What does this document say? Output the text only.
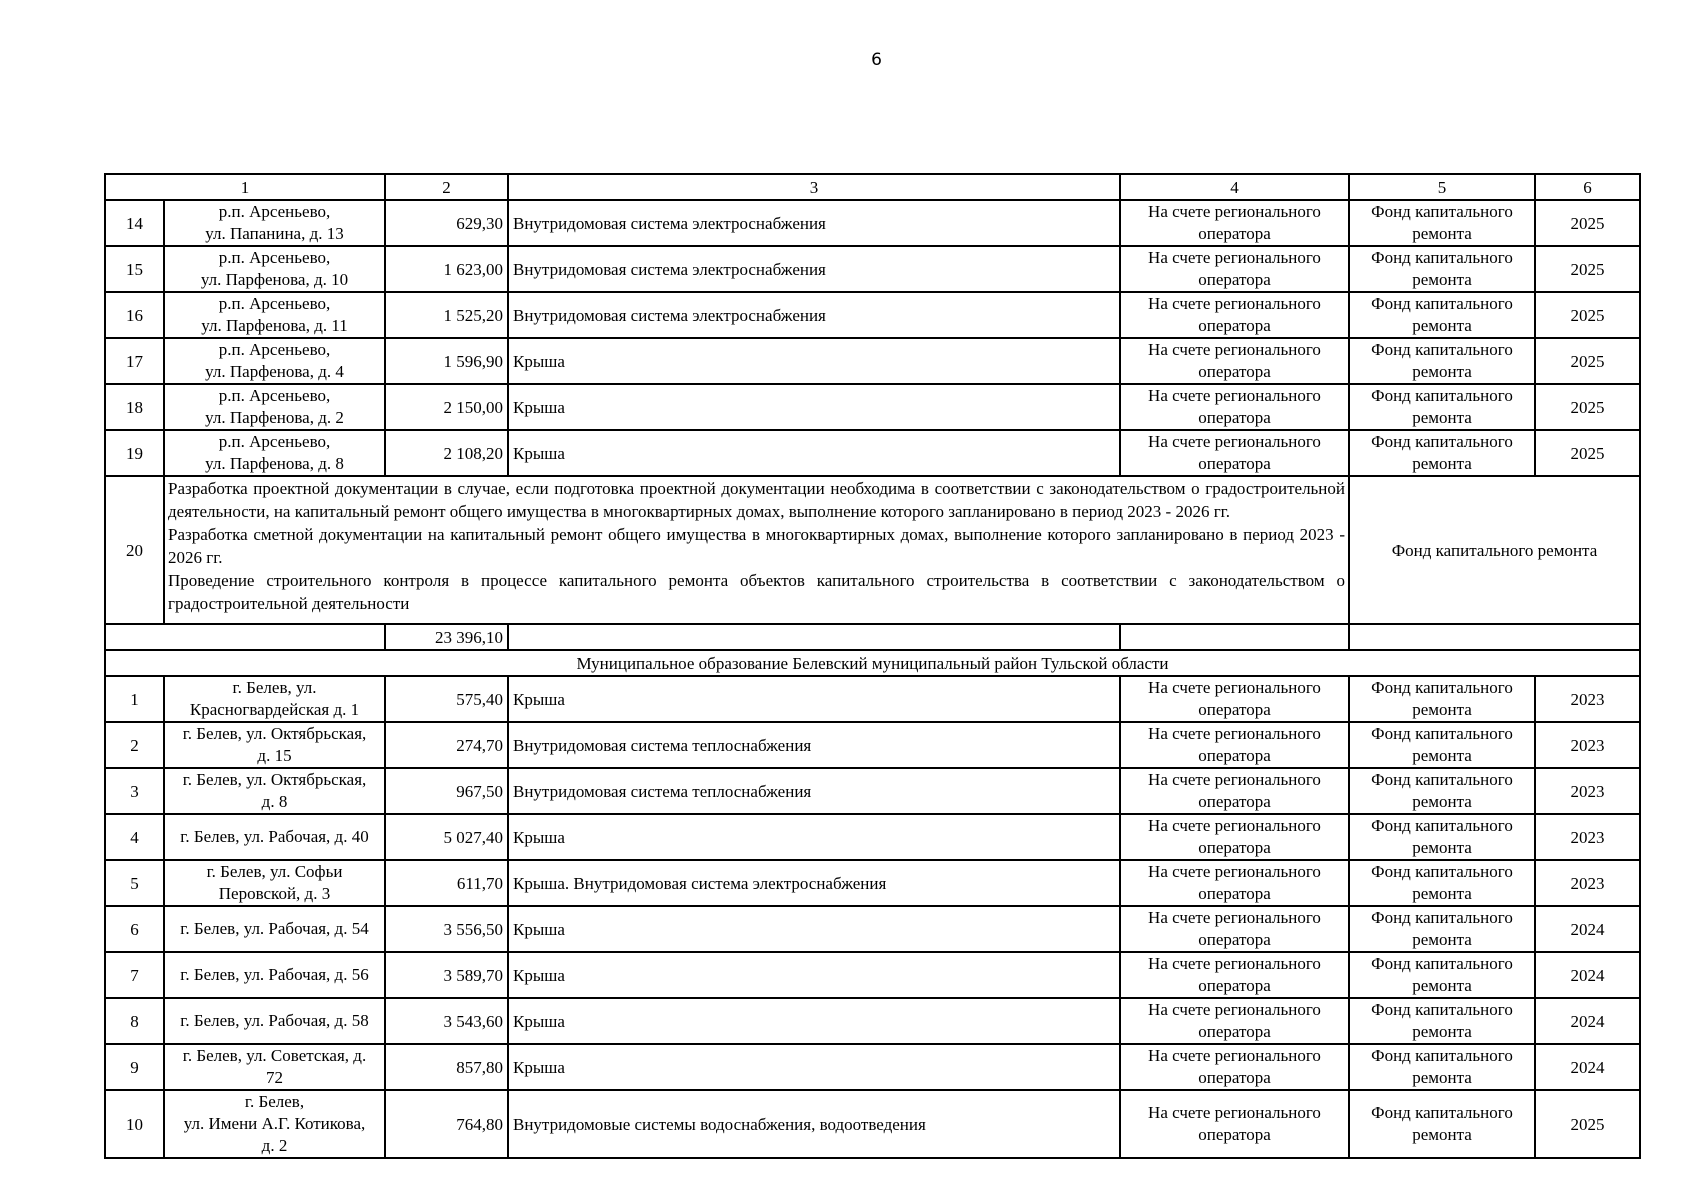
6
1		2	3	4	5	6
14	р.п. Арсеньево,
ул. Папанина, д. 13	629,30	Внутридомовая система электроснабжения	На счете регионального
оператора	Фонд капитального
ремонта	2025
15	р.п. Арсеньево,
ул. Парфенова, д. 10	1 623,00	Внутридомовая система электроснабжения	На счете регионального
оператора	Фонд капитального
ремонта	2025
16	р.п. Арсеньево,
ул. Парфенова, д. 11	1 525,20	Внутридомовая система электроснабжения	На счете регионального
оператора	Фонд капитального
ремонта	2025
17	р.п. Арсеньево,
ул. Парфенова, д. 4	1 596,90	Крыша	На счете регионального
оператора	Фонд капитального
ремонта	2025
18	р.п. Арсеньево,
ул. Парфенова, д. 2	2 150,00	Крыша	На счете регионального
оператора	Фонд капитального
ремонта	2025
19	р.п. Арсеньево,
ул. Парфенова, д. 8	2 108,20	Крыша	На счете регионального
оператора	Фонд капитального
ремонта	2025
20	Разработка проектной документации в случае, если подготовка проектной документации необходима в соответствии с законодательством о градостроительной деятельности, на капитальный ремонт общего имущества в многоквартирных домах, выполнение которого запланировано в период 2023 - 2026 гг.

Разработка сметной документации на капитальный ремонт общего имущества в многоквартирных домах, выполнение которого запланировано в период 2023 - 2026 гг.

Проведение строительного контроля в процессе капитального ремонта объектов капитального строительства в соответствии с законодательством о градостроительной деятельности				Фонд капитального ремонта	
		23 396,10				
Муниципальное образование Белевский муниципальный район Тульской области						
1	г. Белев, ул.
Красногвардейская д. 1	575,40	Крыша	На счете регионального
оператора	Фонд капитального
ремонта	2023
2	г. Белев, ул. Октябрьская,
д. 15	274,70	Внутридомовая система теплоснабжения	На счете регионального
оператора	Фонд капитального
ремонта	2023
3	г. Белев, ул. Октябрьская,
д. 8	967,50	Внутридомовая система теплоснабжения	На счете регионального
оператора	Фонд капитального
ремонта	2023
4	г. Белев, ул. Рабочая, д. 40	5 027,40	Крыша	На счете регионального
оператора	Фонд капитального
ремонта	2023
5	г. Белев, ул. Софьи
Перовской, д. 3	611,70	Крыша. Внутридомовая система электроснабжения	На счете регионального
оператора	Фонд капитального
ремонта	2023
6	г. Белев, ул. Рабочая, д. 54	3 556,50	Крыша	На счете регионального
оператора	Фонд капитального
ремонта	2024
7	г. Белев, ул. Рабочая, д. 56	3 589,70	Крыша	На счете регионального
оператора	Фонд капитального
ремонта	2024
8	г. Белев, ул. Рабочая, д. 58	3 543,60	Крыша	На счете регионального
оператора	Фонд капитального
ремонта	2024
9	г. Белев, ул. Советская, д.
72	857,80	Крыша	На счете регионального
оператора	Фонд капитального
ремонта	2024
10	г. Белев,
ул. Имени А.Г. Котикова,
д. 2	764,80	Внутридомовые системы водоснабжения, водоотведения	На счете регионального
оператора	Фонд капитального
ремонта	2025
